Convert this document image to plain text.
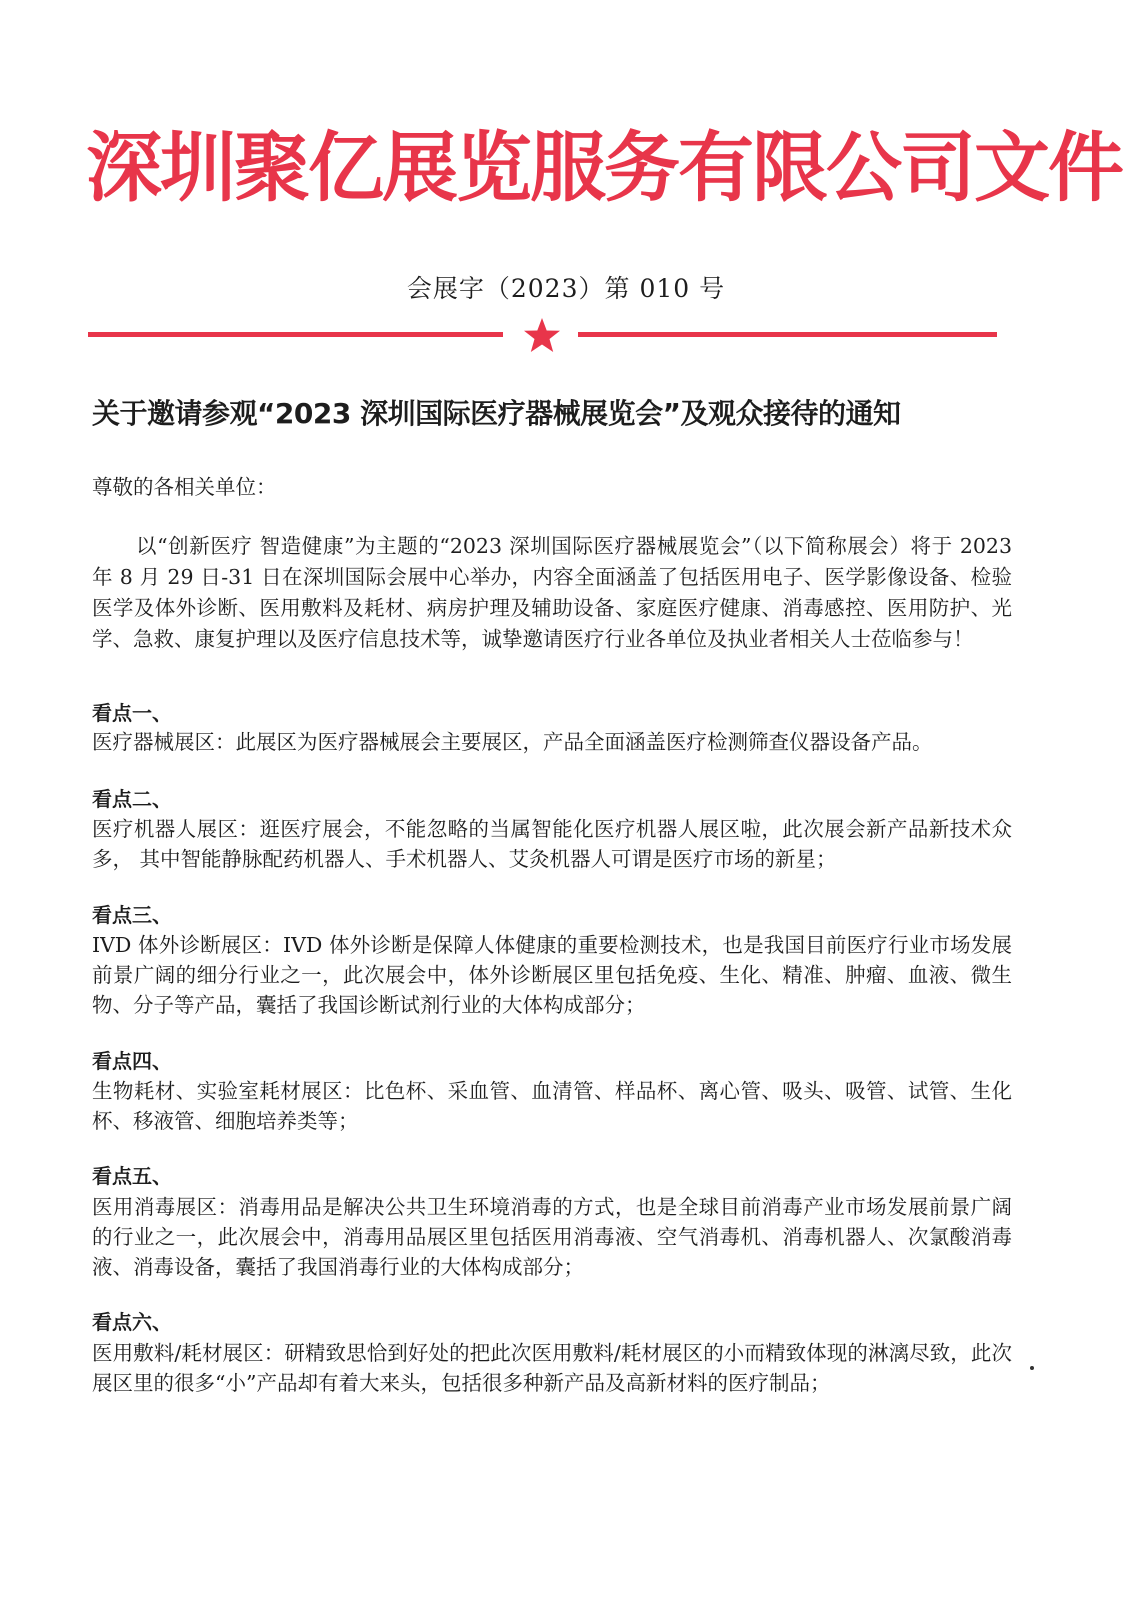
深圳聚亿展览服务有限公司文件
会展字（2023）第 010 号
关于邀请参观“2023 深圳国际医疗器械展览会”及观众接待的通知
尊敬的各相关单位：
以“创新医疗 智造健康”为主题的“2023 深圳国际医疗器械展览会”（以下简称展会）将于 2023 年 8 月 29 日-31 日在深圳国际会展中心举办，内容全面涵盖了包括医用电子、医学影像设备、检验医学及体外诊断、医用敷料及耗材、病房护理及辅助设备、家庭医疗健康、消毒感控、医用防护、光学、急救、康复护理以及医疗信息技术等，诚挚邀请医疗行业各单位及执业者相关人士莅临参与！
看点一、
医疗器械展区：此展区为医疗器械展会主要展区，产品全面涵盖医疗检测筛查仪器设备产品。
看点二、
医疗机器人展区：逛医疗展会，不能忽略的当属智能化医疗机器人展区啦，此次展会新产品新技术众多， 其中智能静脉配药机器人、手术机器人、艾灸机器人可谓是医疗市场的新星；
看点三、
IVD 体外诊断展区：IVD 体外诊断是保障人体健康的重要检测技术，也是我国目前医疗行业市场发展前景广阔的细分行业之一，此次展会中，体外诊断展区里包括免疫、生化、精准、肿瘤、血液、微生物、分子等产品，囊括了我国诊断试剂行业的大体构成部分；
看点四、
生物耗材、实验室耗材展区：比色杯、采血管、血清管、样品杯、离心管、吸头、吸管、试管、生化杯、移液管、细胞培养类等；
看点五、
医用消毒展区：消毒用品是解决公共卫生环境消毒的方式，也是全球目前消毒产业市场发展前景广阔的行业之一，此次展会中，消毒用品展区里包括医用消毒液、空气消毒机、消毒机器人、次氯酸消毒液、消毒设备，囊括了我国消毒行业的大体构成部分；
看点六、
医用敷料/耗材展区：研精致思恰到好处的把此次医用敷料/耗材展区的小而精致体现的淋漓尽致，此次展区里的很多“小”产品却有着大来头，包括很多种新产品及高新材料的医疗制品；
